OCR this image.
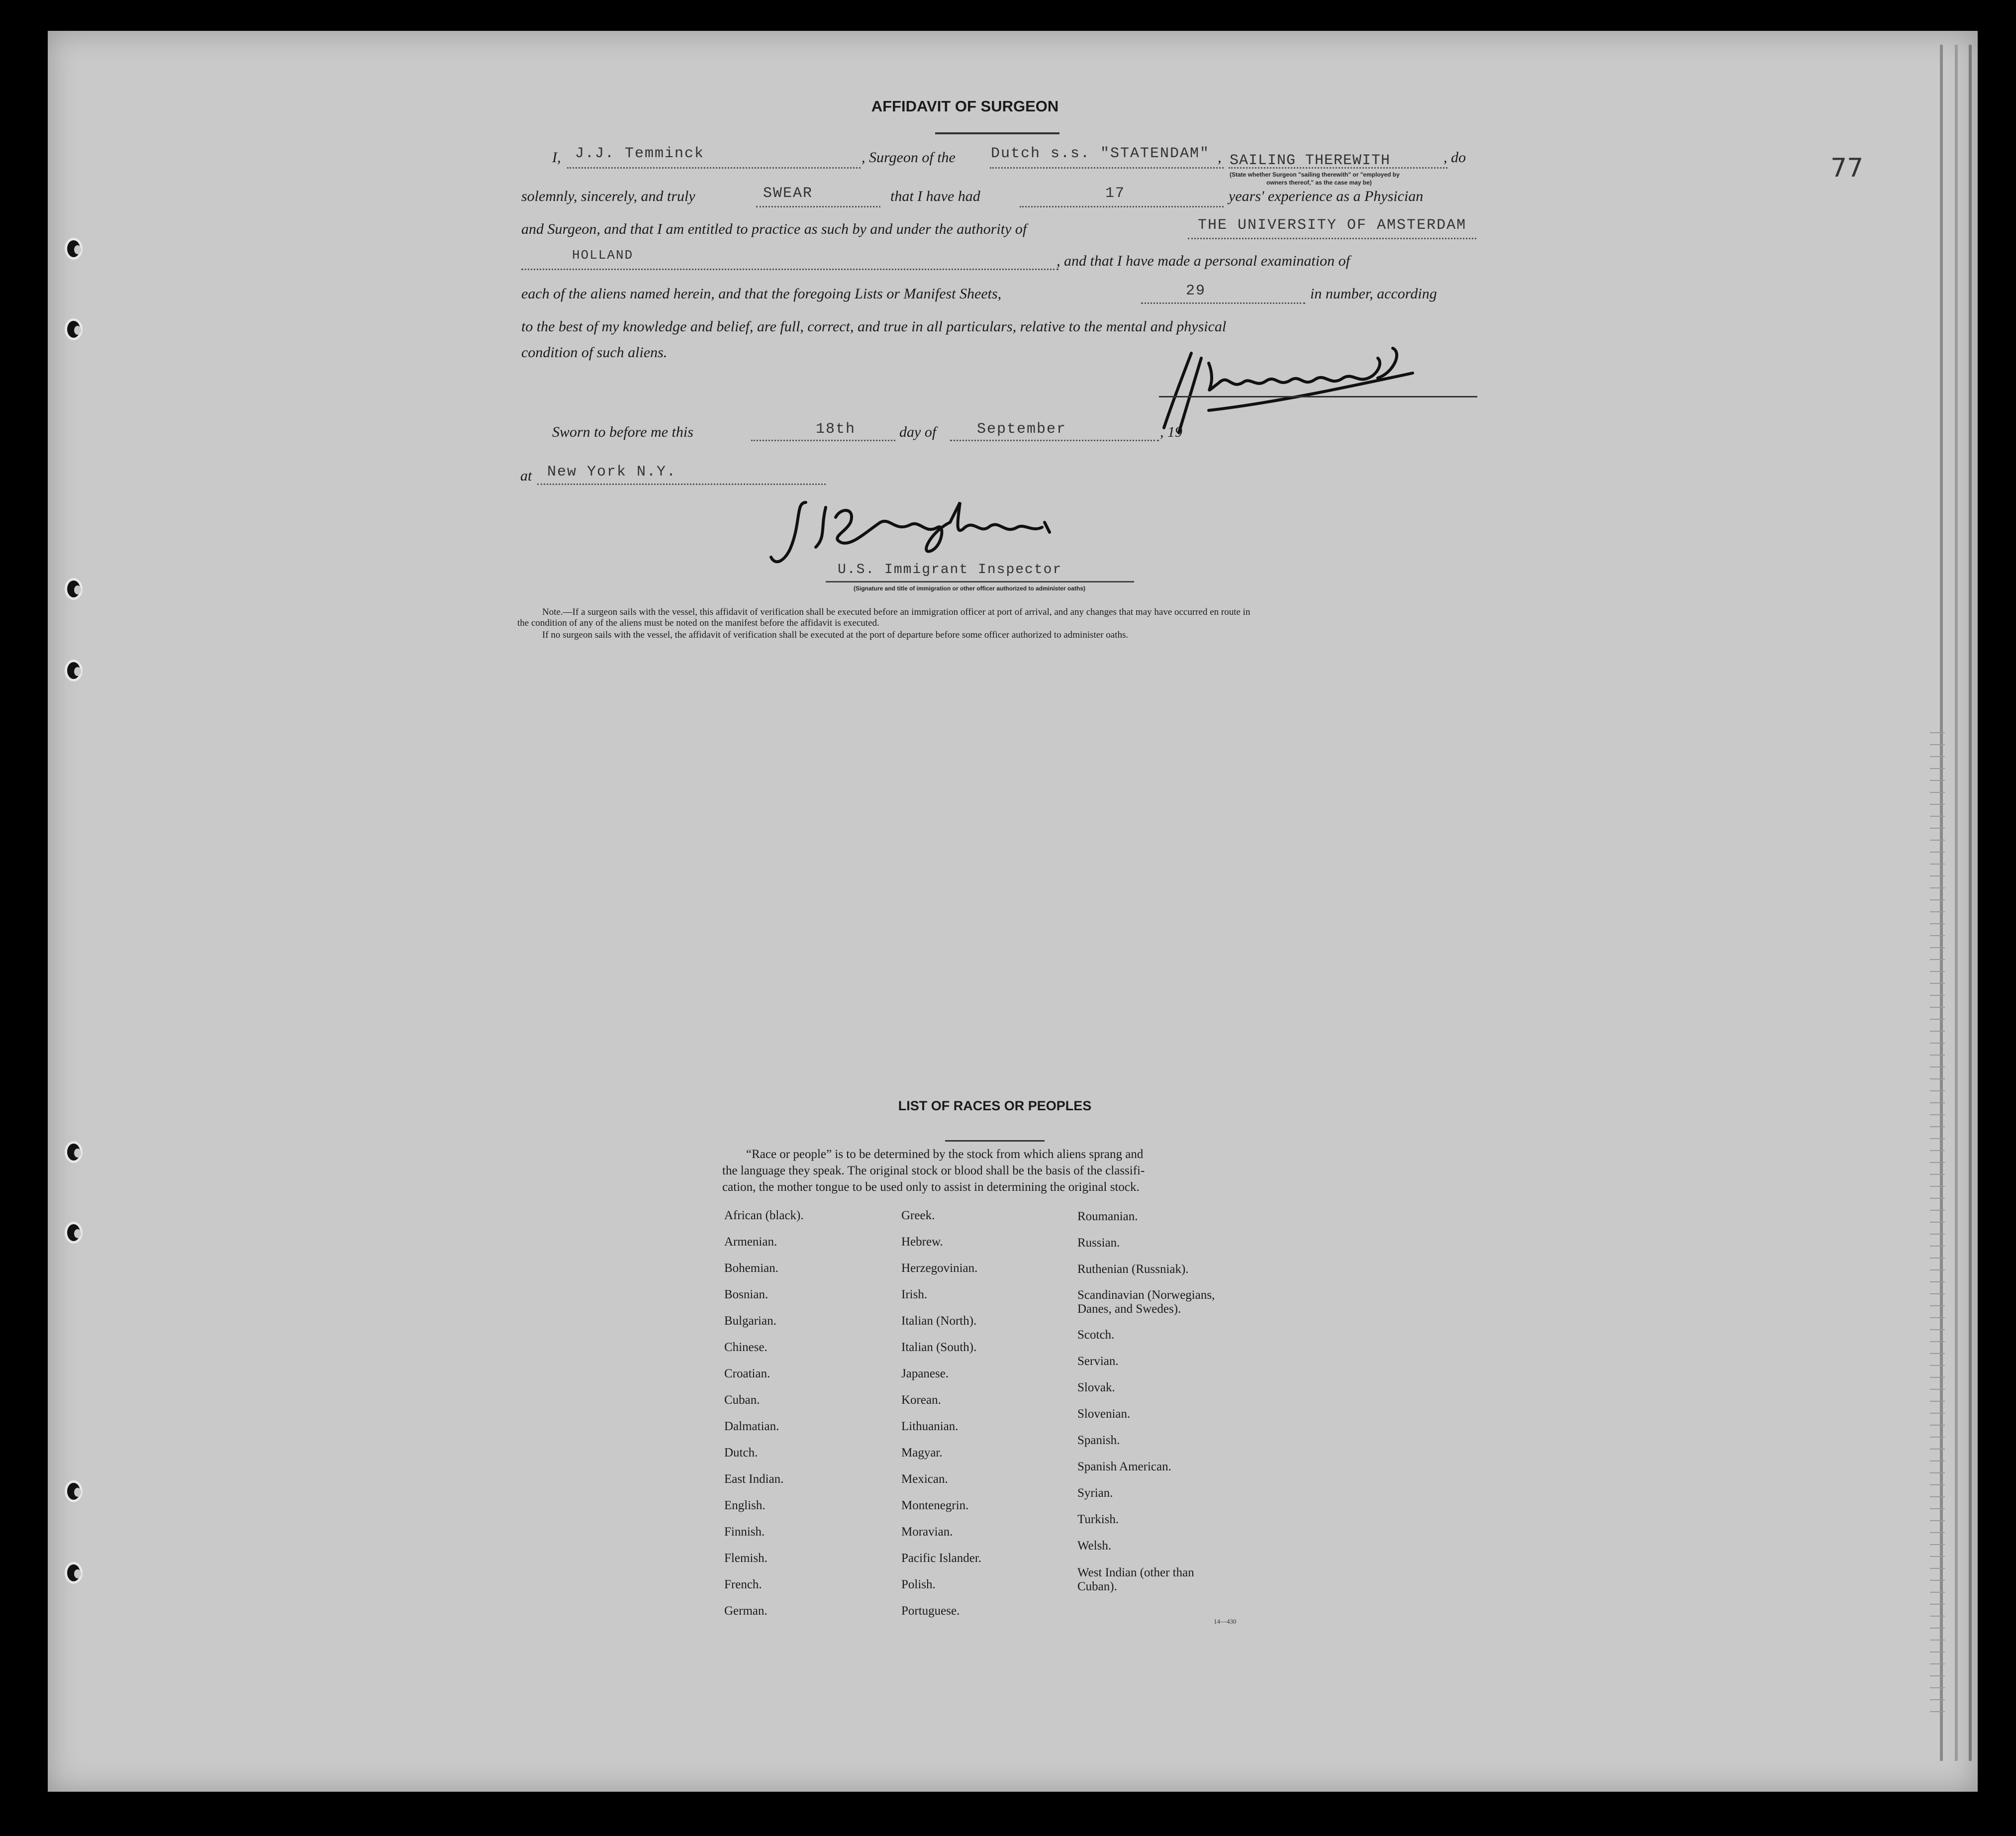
77
AFFIDAVIT OF SURGEON
I, J.J. Temminck	, Surgeon of the Dutch s.s. "STATENDAM" , SAILING THEREWITH	, do
(State whether Surgeon "sailing therewith" or "employed by
owners thereof," as the case may be)
solemnly, sincerely, and truly	SWEAR	that I have had	17	years' experience as a Physician
and Surgeon, and that I am entitled to practice as such by and under the authority of	THE UNIVERSITY OF AMSTERDAM
HOLLAND	, and that I have made a personal examination of
each of the aliens named herein, and that the foregoing Lists or Manifest Sheets,	29	in number, according
to the best of my knowledge and belief, are full, correct, and true in all particulars, relative to the mental and physical
condition of such aliens.
Sworn to before me this	18th	day of	September	, 19
at New York N.Y.
U.S. Immigrant Inspector
(Signature and title of immigration or other officer authorized to administer oaths)
Note.—If a surgeon sails with the vessel, this affidavit of verification shall be executed before an immigration officer at port of arrival, and any changes that may have occurred en route in
the condition of any of the aliens must be noted on the manifest before the affidavit is executed.
If no surgeon sails with the vessel, the affidavit of verification shall be executed at the port of departure before some officer authorized to administer oaths.
LIST OF RACES OR PEOPLES
“Race or people” is to be determined by the stock from which aliens sprang and
the language they speak. The original stock or blood shall be the basis of the classifi-
cation, the mother tongue to be used only to assist in determining the original stock.
African (black).
Armenian.
Bohemian.
Bosnian.
Bulgarian.
Chinese.
Croatian.
Cuban.
Dalmatian.
Dutch.
East Indian.
English.
Finnish.
Flemish.
French.
German.
Greek.
Hebrew.
Herzegovinian.
Irish.
Italian (North).
Italian (South).
Japanese.
Korean.
Lithuanian.
Magyar.
Mexican.
Montenegrin.
Moravian.
Pacific Islander.
Polish.
Portuguese.
Roumanian.
Russian.
Ruthenian (Russniak).
Scandinavian (Norwegians,
Danes, and Swedes).
Scotch.
Servian.
Slovak.
Slovenian.
Spanish.
Spanish American.
Syrian.
Turkish.
Welsh.
West Indian (other than
Cuban).
14—430
